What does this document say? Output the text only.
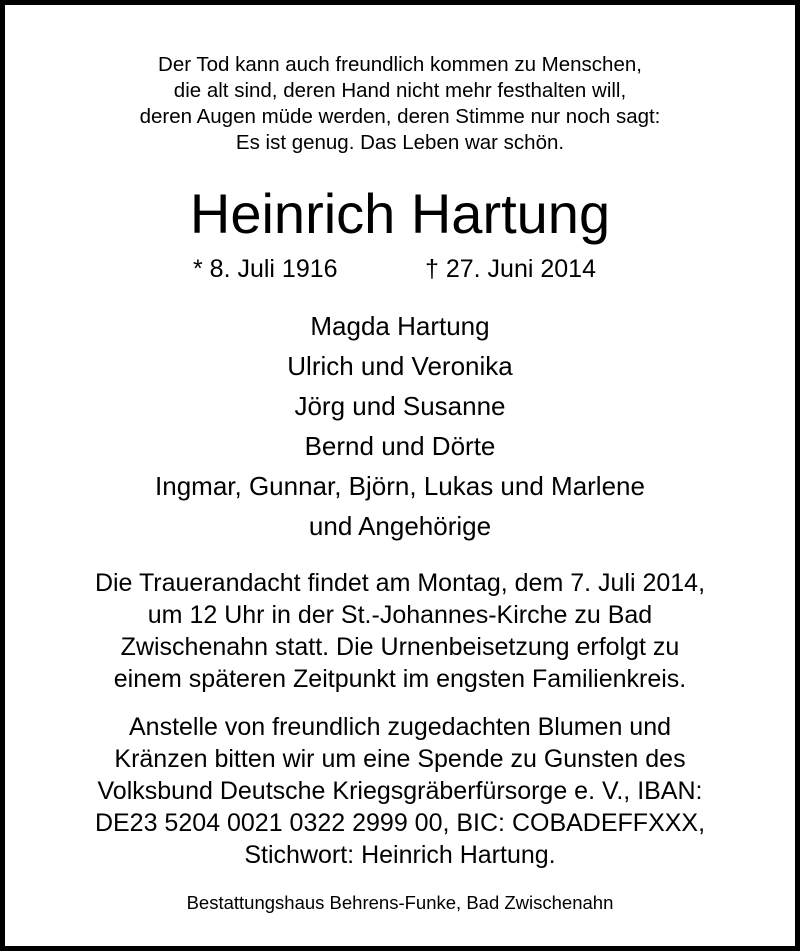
Der Tod kann auch freundlich kommen zu Menschen,

die alt sind, deren Hand nicht mehr festhalten will,

deren Augen müde werden, deren Stimme nur noch sagt:

Es ist genug. Das Leben war schön.

Heinrich Hartung
* 8. Juli 1916	† 27. Juni 2014

Magda Hartung

Ulrich und Veronika

Jörg und Susanne

Bernd und Dörte

Ingmar, Gunnar, Björn, Lukas und Marlene

und Angehörige

Die Trauerandacht findet am Montag, dem 7. Juli 2014,

um 12 Uhr in der St.-Johannes-Kirche zu Bad

Zwischenahn statt. Die Urnenbeisetzung erfolgt zu

einem späteren Zeitpunkt im engsten Familienkreis.

Anstelle von freundlich zugedachten Blumen und

Kränzen bitten wir um eine Spende zu Gunsten des

Volksbund Deutsche Kriegsgräberfürsorge e. V., IBAN:

DE23 5204 0021 0322 2999 00, BIC: COBADEFFXXX,

Stichwort: Heinrich Hartung.

Bestattungshaus Behrens-Funke, Bad Zwischenahn
